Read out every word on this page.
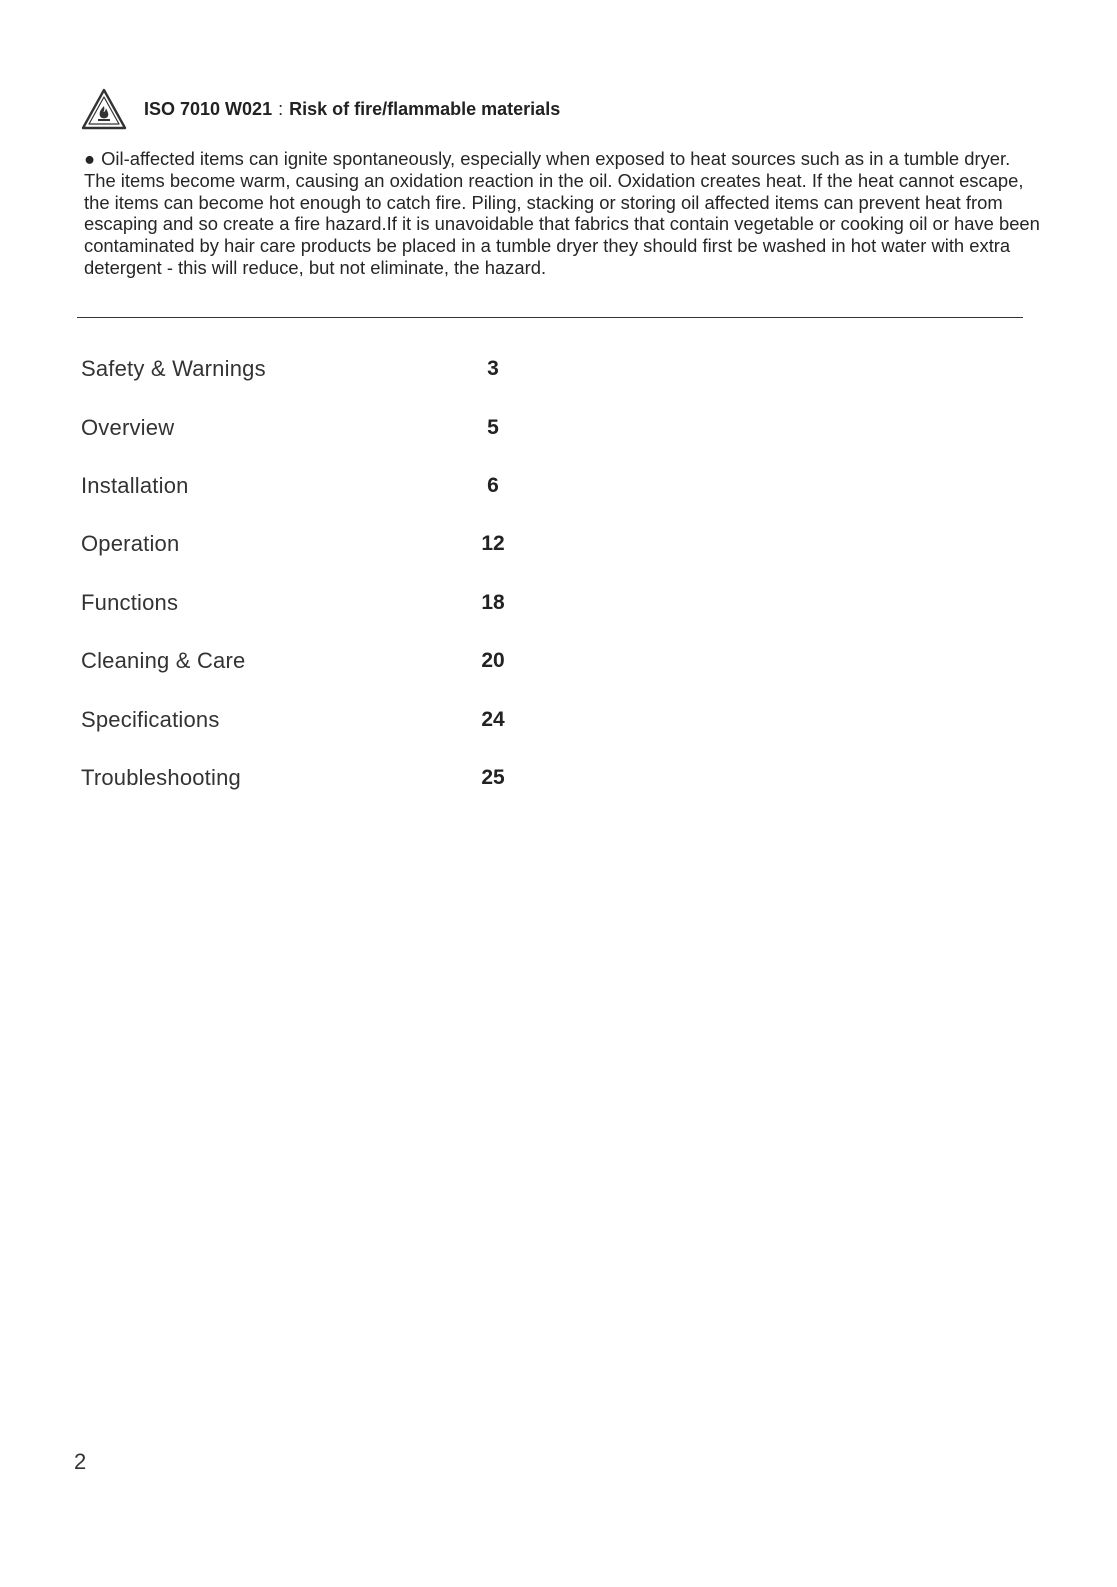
ISO 7010 W021 : Risk of fire/flammable materials

● Oil-affected items can ignite spontaneously, especially when exposed to heat sources such as in a tumble dryer. The items become warm, causing an oxidation reaction in the oil. Oxidation creates heat. If the heat cannot escape, the items can become hot enough to catch fire. Piling, stacking or storing oil affected items can prevent heat from escaping and so create a fire hazard.If it is unavoidable that fabrics that contain vegetable or cooking oil or have been contaminated by hair care products be placed in a tumble dryer they should first be washed in hot water with extra detergent - this will reduce, but not eliminate, the hazard.

Safety & Warnings	3
Overview	5
Installation	6
Operation	12
Functions	18
Cleaning & Care	20
Specifications	24
Troubleshooting	25
2
